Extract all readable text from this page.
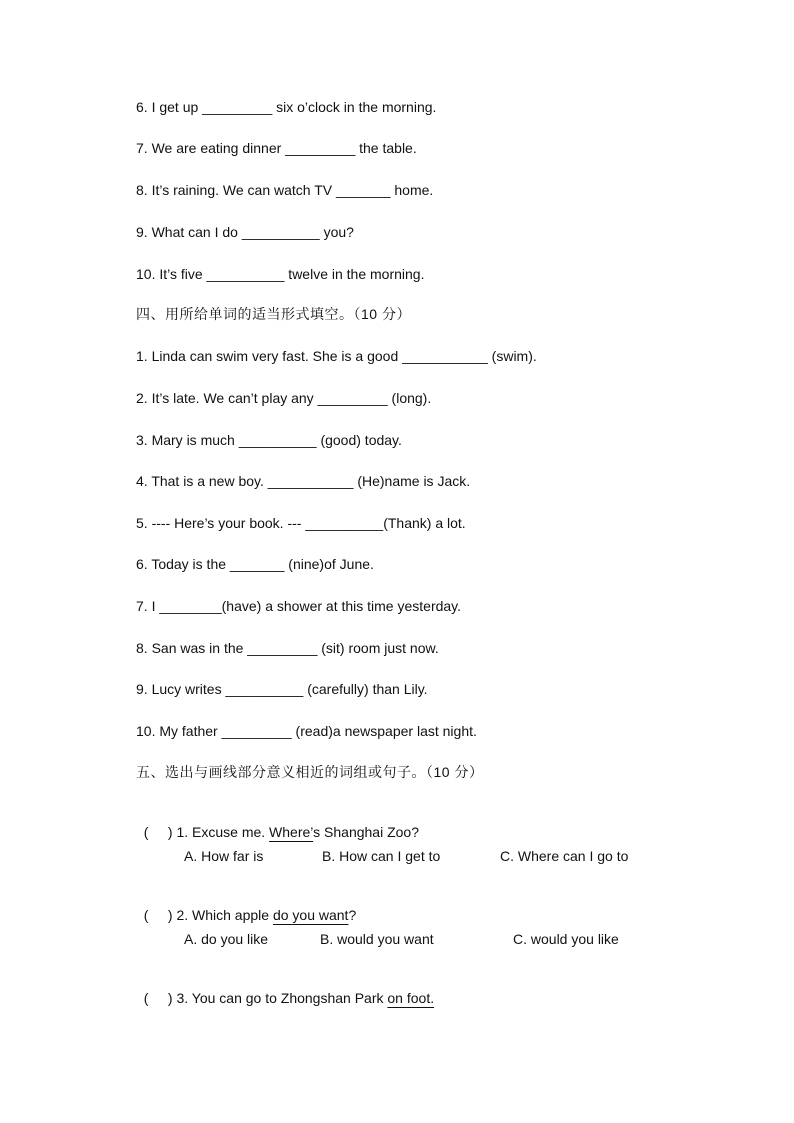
6. I get up _________ six o’clock in the morning.
7. We are eating dinner _________ the table.
8. It’s raining. We can watch TV _______ home.
9. What can I do __________ you?
10. It’s five __________ twelve in the morning.
四、用所给单词的适当形式填空。（10 分）
1. Linda can swim very fast. She is a good ___________ (swim).
2. It’s late. We can’t play any _________ (long).
3. Mary is much __________ (good) today.
4. That is a new boy. ___________ (He)name is Jack.
5. ---- Here’s your book. --- __________(Thank) a lot.
6. Today is the _______ (nine)of June.
7. I ________(have) a shower at this time yesterday.
8. San was in the _________ (sit) room just now.
9. Lucy writes __________ (carefully) than Lily.
10. My father _________ (read)a newspaper last night.
五、选出与画线部分意义相近的词组或句子。（10 分）

(     ) 1. Excuse me. Where’s Shanghai Zoo?

A. How far is	B. How can I get to	C. Where can I go to

(     ) 2. Which apple do you want?

A. do you like	B. would you want	C. would you like

(     ) 3. You can go to Zhongshan Park on foot.
